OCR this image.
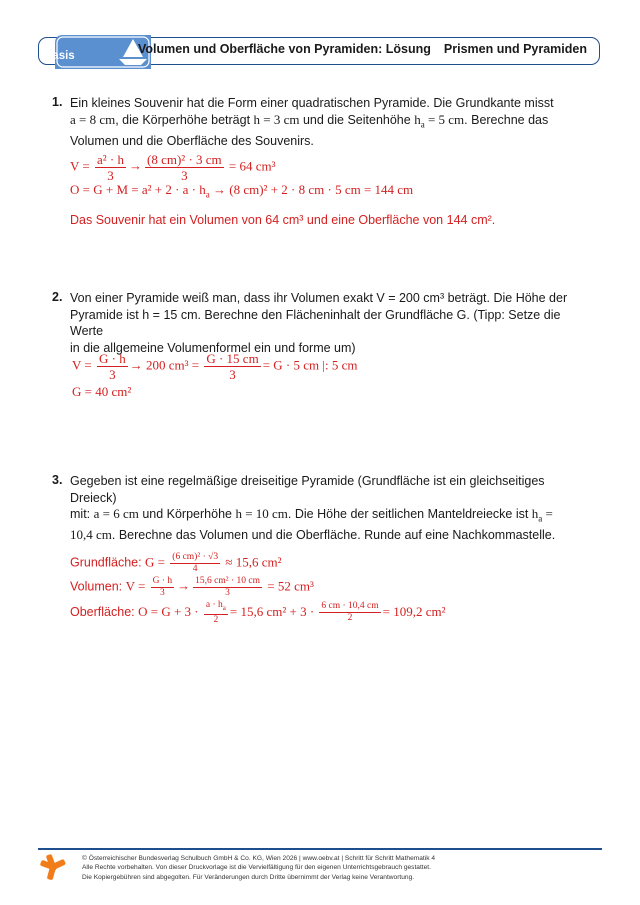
Basis	Volumen und Oberfläche von Pyramiden: Lösung Prismen und Pyramiden
1. Ein kleines Souvenir hat die Form einer quadratischen Pyramide. Die Grundkante misst
a = 8 cm, die Körperhöhe beträgt h = 3 cm und die Seitenhöhe $h_a = 5$ cm. Berechne das
Volumen und die Oberfläche des Souvenirs.
$V = \frac{\text{a² · h}}{3} \to \frac{\text{(8 cm)² · 3 cm}}{3} = 64$ cm³
$O = G + M = a^2 + 2 \cdot a \cdot h_a \to (8$ cm)² + 2 · 8 cm · 5 cm = 144 cm
Das Souvenir hat ein Volumen von 64 cm³ und eine Oberfläche von 144 cm².
2. Von einer Pyramide weiß man, dass ihr Volumen exakt V = 200 cm³ beträgt. Die Höhe der
Pyramide ist h = 15 cm. Berechne den Flächeninhalt der Grundfläche G. (Tipp: Setze die Werte
in die allgemeine Volumenformel ein und forme um)
$V = \frac{G \cdot h}{3} \to 200$ $cm^3 = \frac{G \cdot 15 cm}{3} = G \cdot 5$ cm |: 5 cm
G = 40 cm²
3. Gegeben ist eine regelmäßige dreiseitige Pyramide (Grundfläche ist ein gleichseitiges Dreieck)
mit: a = 6 cm und Körperhöhe h = 10 cm. Die Höhe der seitlichen Manteldreiecke ist $h_a$ =
10,4 cm. Berechne das Volumen und die Oberfläche. Runde auf eine Nachkommastelle.
Grundfläche: $G = \frac{\text{(6 cm)² · √3}}{4} \approx 15,6$ cm²
Volumen: $V = \frac{G \cdot h}{3} \to \frac{\text{15,6 cm² · 10 cm}}{3} = 52$ cm³
Oberfläche: $O = G + 3 \cdot \frac{a \cdot h_a}{2} = 15,6$ $cm^2 + 3 \cdot \frac{6 cm \cdot 10,4 cm}{2} = 109,2$ cm²
© Österreichischer Bundesverlag Schulbuch GmbH & Co. KG, Wien 2026 | www.oebv.at | Schritt für Schritt Mathematik 4
Alle Rechte vorbehalten. Von dieser Druckvorlage ist die Vervielfältigung für den eigenen Unterrichtsgebrauch gestattet.
Die Kopiergebühren sind abgegolten. Für Veränderungen durch Dritte übernimmt der Verlag keine Verantwortung.
